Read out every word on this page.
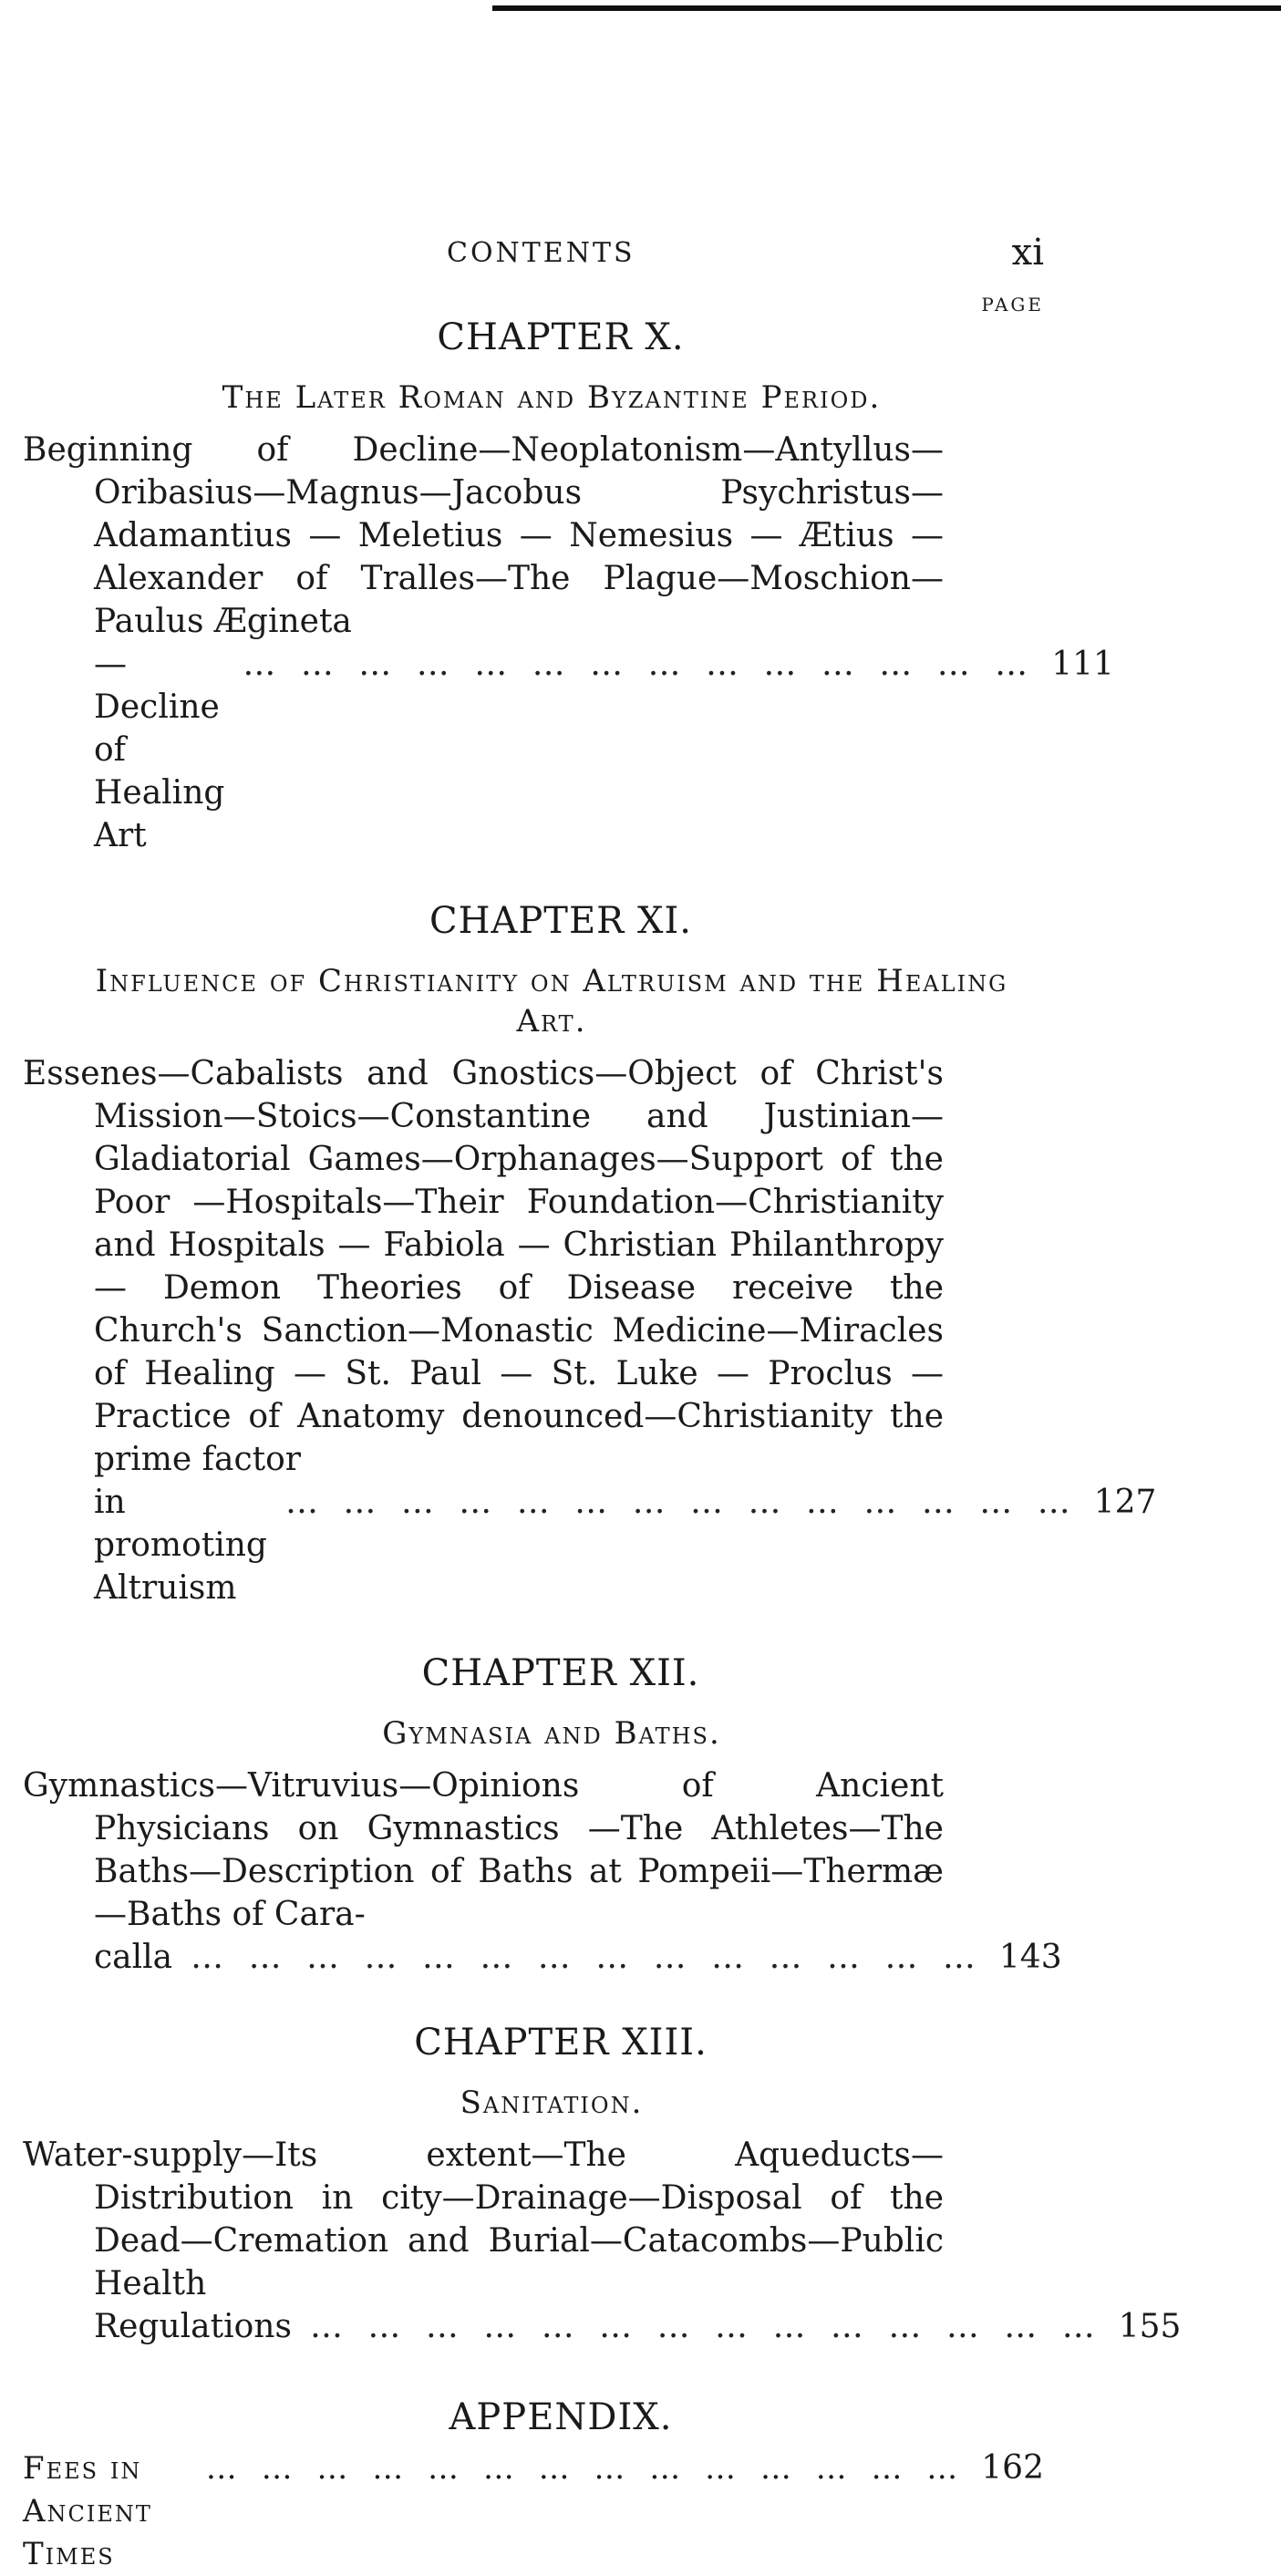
CONTENTS	xi
PAGE
CHAPTER X.
The Later Roman and Byzantine Period.
Beginning of Decline—Neoplatonism—Antyllus—Oribasius—Magnus—Jacobus Psychristus—Adamantius — Meletius — Nemesius — Ætius — Alexander of Tralles—The Plague—Moschion—Paulus Ægineta
—Decline of Healing Art
… … … … … … … … … … … … … … 111
CHAPTER XI.
Influence of Christianity on Altruism and the Healing Art.
Essenes—Cabalists and Gnostics—Object of Christ's Mission—Stoics—Constantine and Justinian—Gladiatorial Games—Orphanages—Support of the Poor —Hospitals—Their Foundation—Christianity and Hospitals — Fabiola — Christian Philanthropy — Demon Theories of Disease receive the Church's Sanction—Monastic Medicine—Miracles of Healing — St. Paul — St. Luke — Proclus — Practice of Anatomy denounced—Christianity the prime factor
in promoting Altruism
… … … … … … … … … … … … … … 127
CHAPTER XII.
Gymnasia and Baths.
Gymnastics—Vitruvius—Opinions of Ancient Physicians on Gymnastics —The Athletes—The Baths—Description of Baths at Pompeii—Thermæ—Baths of Cara-
calla … … … … … … … … … … … … … … 143
CHAPTER XIII.
Sanitation.
Water-supply—Its extent—The Aqueducts—Distribution in city—Drainage—Disposal of the Dead—Cremation and Burial—Catacombs—Public Health
Regulations … … … … … … … … … … … … … … 155
APPENDIX.
Fees in Ancient Times
… … … … … … … … … … … … … … 162
